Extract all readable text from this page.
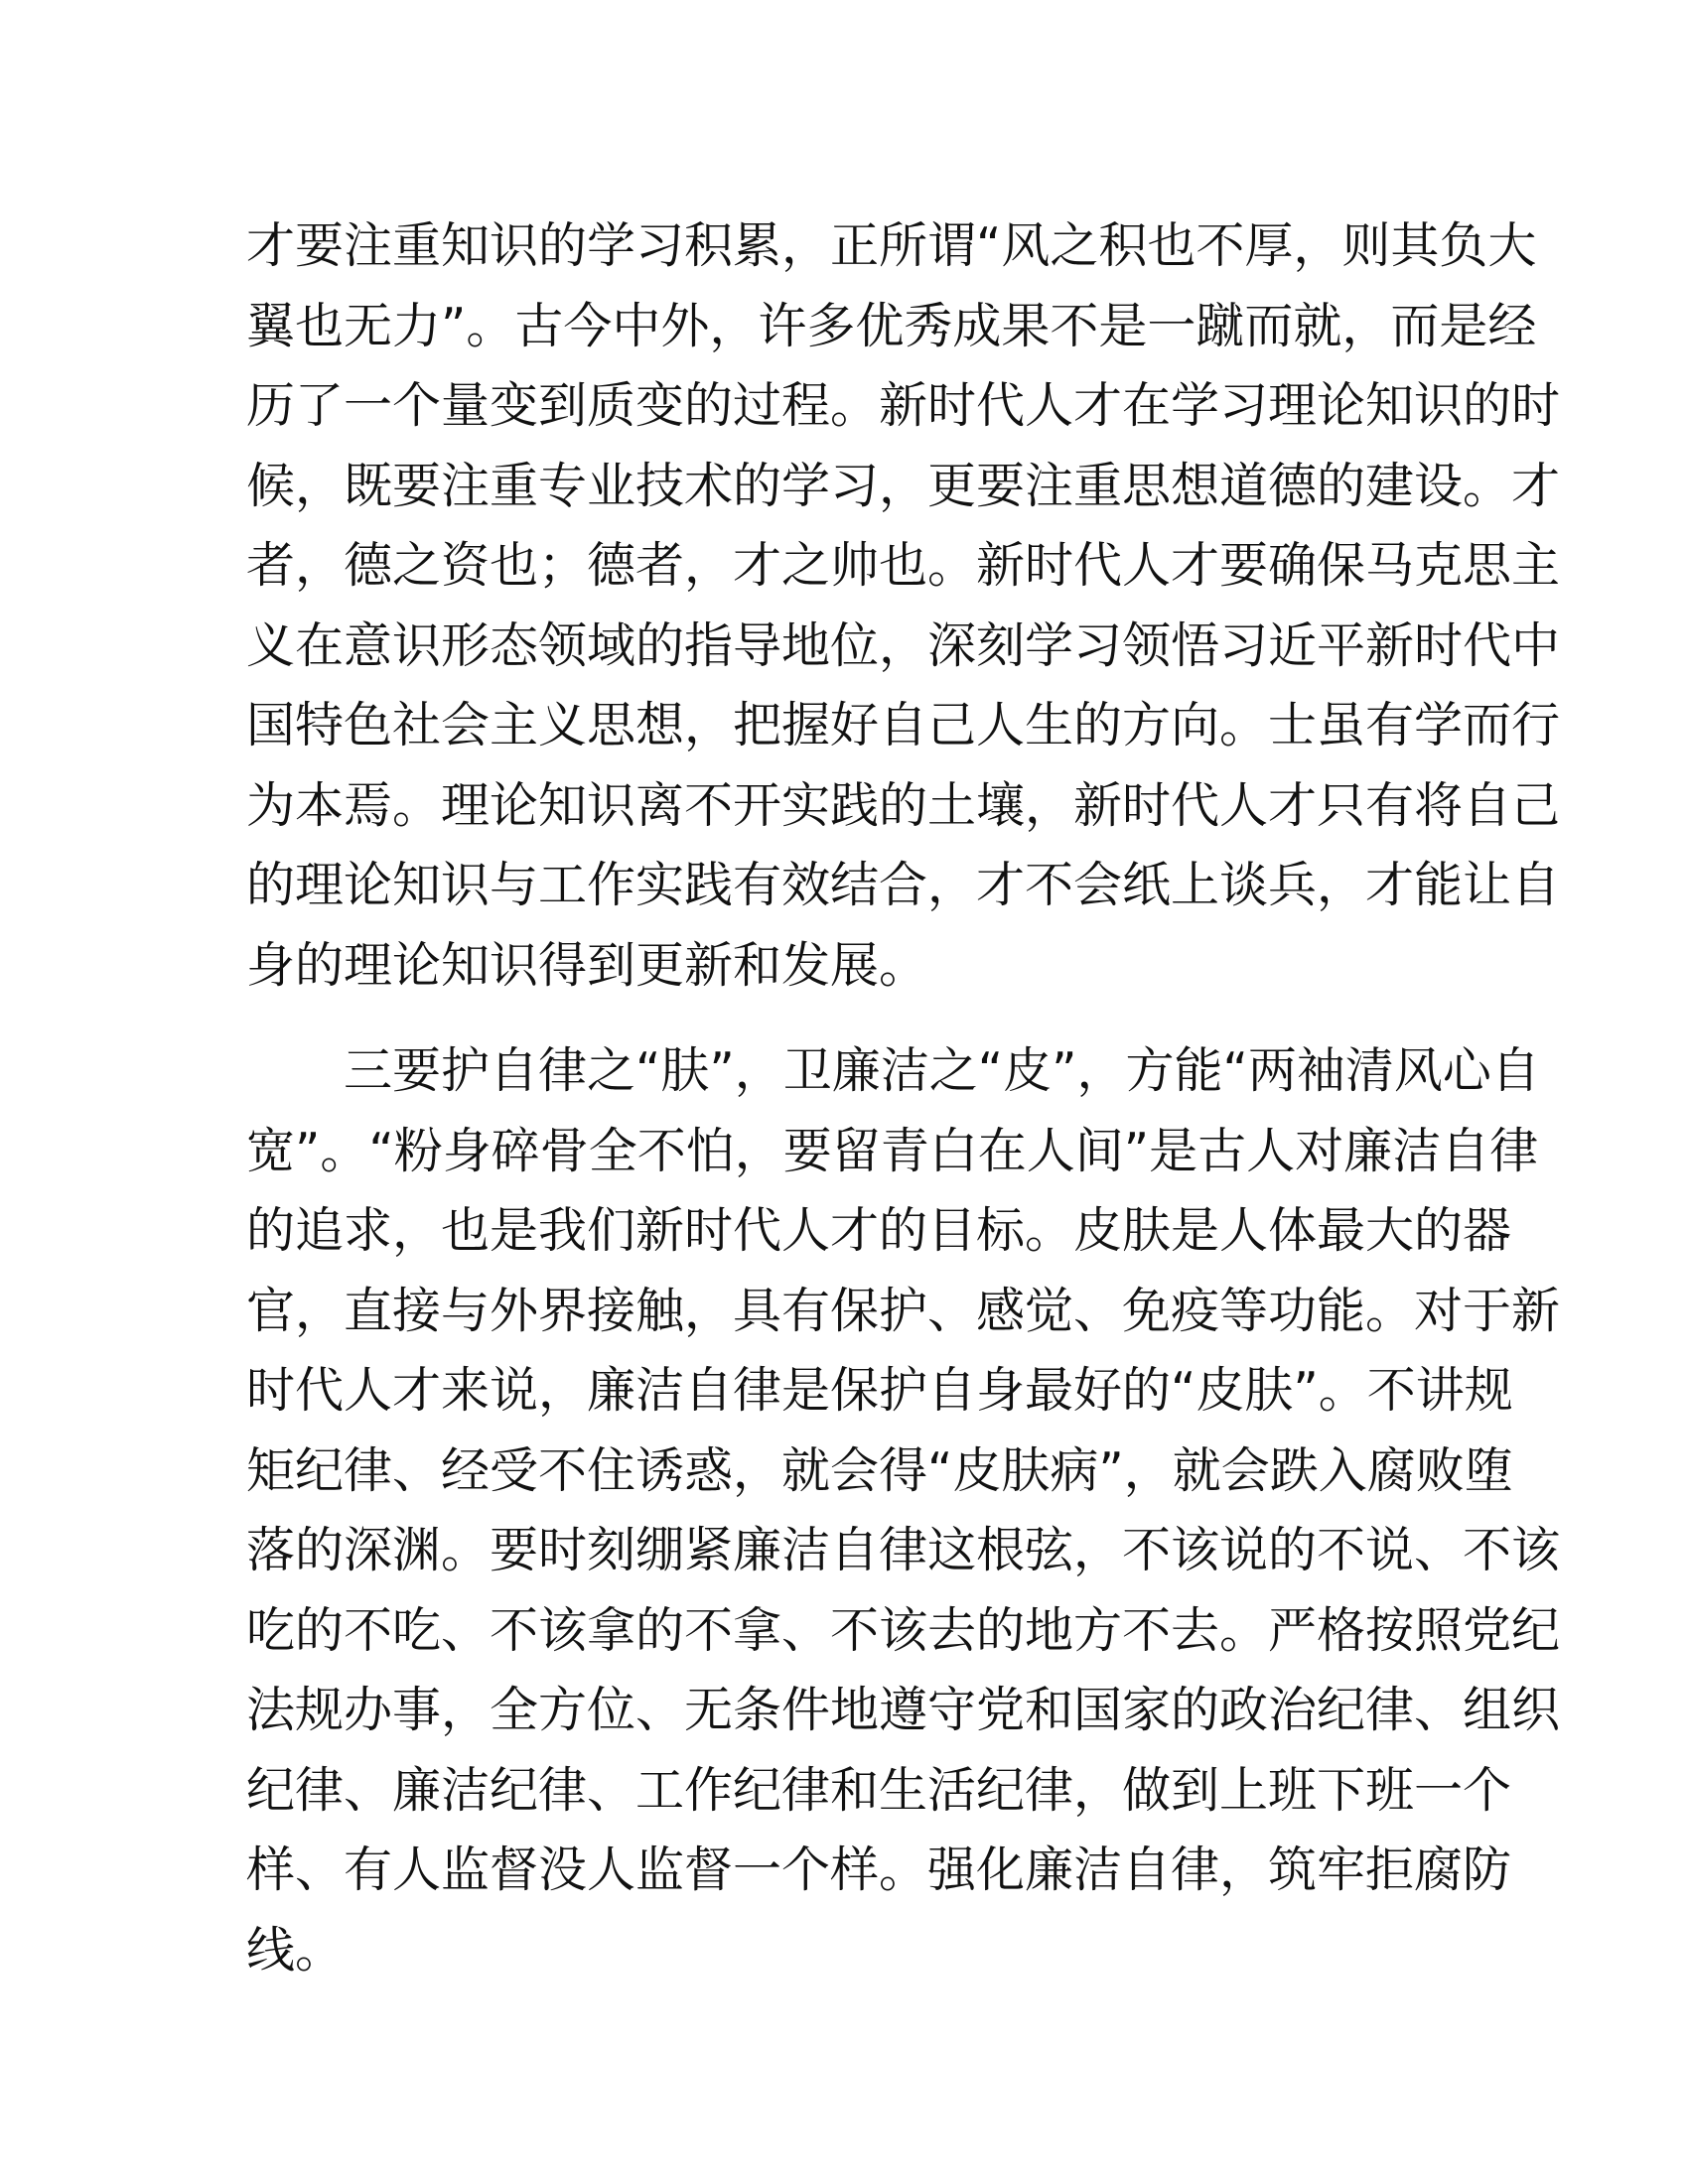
才要注重知识的学习积累，正所谓“风之积也不厚，则其负大
翼也无力”。古今中外，许多优秀成果不是一蹴而就，而是经
历了一个量变到质变的过程。新时代人才在学习理论知识的时
候，既要注重专业技术的学习，更要注重思想道德的建设。才
者，德之资也；德者，才之帅也。新时代人才要确保马克思主
义在意识形态领域的指导地位，深刻学习领悟习近平新时代中
国特色社会主义思想，把握好自己人生的方向。士虽有学而行
为本焉。理论知识离不开实践的土壤，新时代人才只有将自己
的理论知识与工作实践有效结合，才不会纸上谈兵，才能让自
身的理论知识得到更新和发展。
三要护自律之“肤”，卫廉洁之“皮”，方能“两袖清风心自
宽”。“粉身碎骨全不怕，要留青白在人间”是古人对廉洁自律
的追求，也是我们新时代人才的目标。皮肤是人体最大的器
官，直接与外界接触，具有保护、感觉、免疫等功能。对于新
时代人才来说，廉洁自律是保护自身最好的“皮肤”。不讲规
矩纪律、经受不住诱惑，就会得“皮肤病”，就会跌入腐败堕
落的深渊。要时刻绷紧廉洁自律这根弦，不该说的不说、不该
吃的不吃、不该拿的不拿、不该去的地方不去。严格按照党纪
法规办事，全方位、无条件地遵守党和国家的政治纪律、组织
纪律、廉洁纪律、工作纪律和生活纪律，做到上班下班一个
样、有人监督没人监督一个样。强化廉洁自律，筑牢拒腐防
线。
